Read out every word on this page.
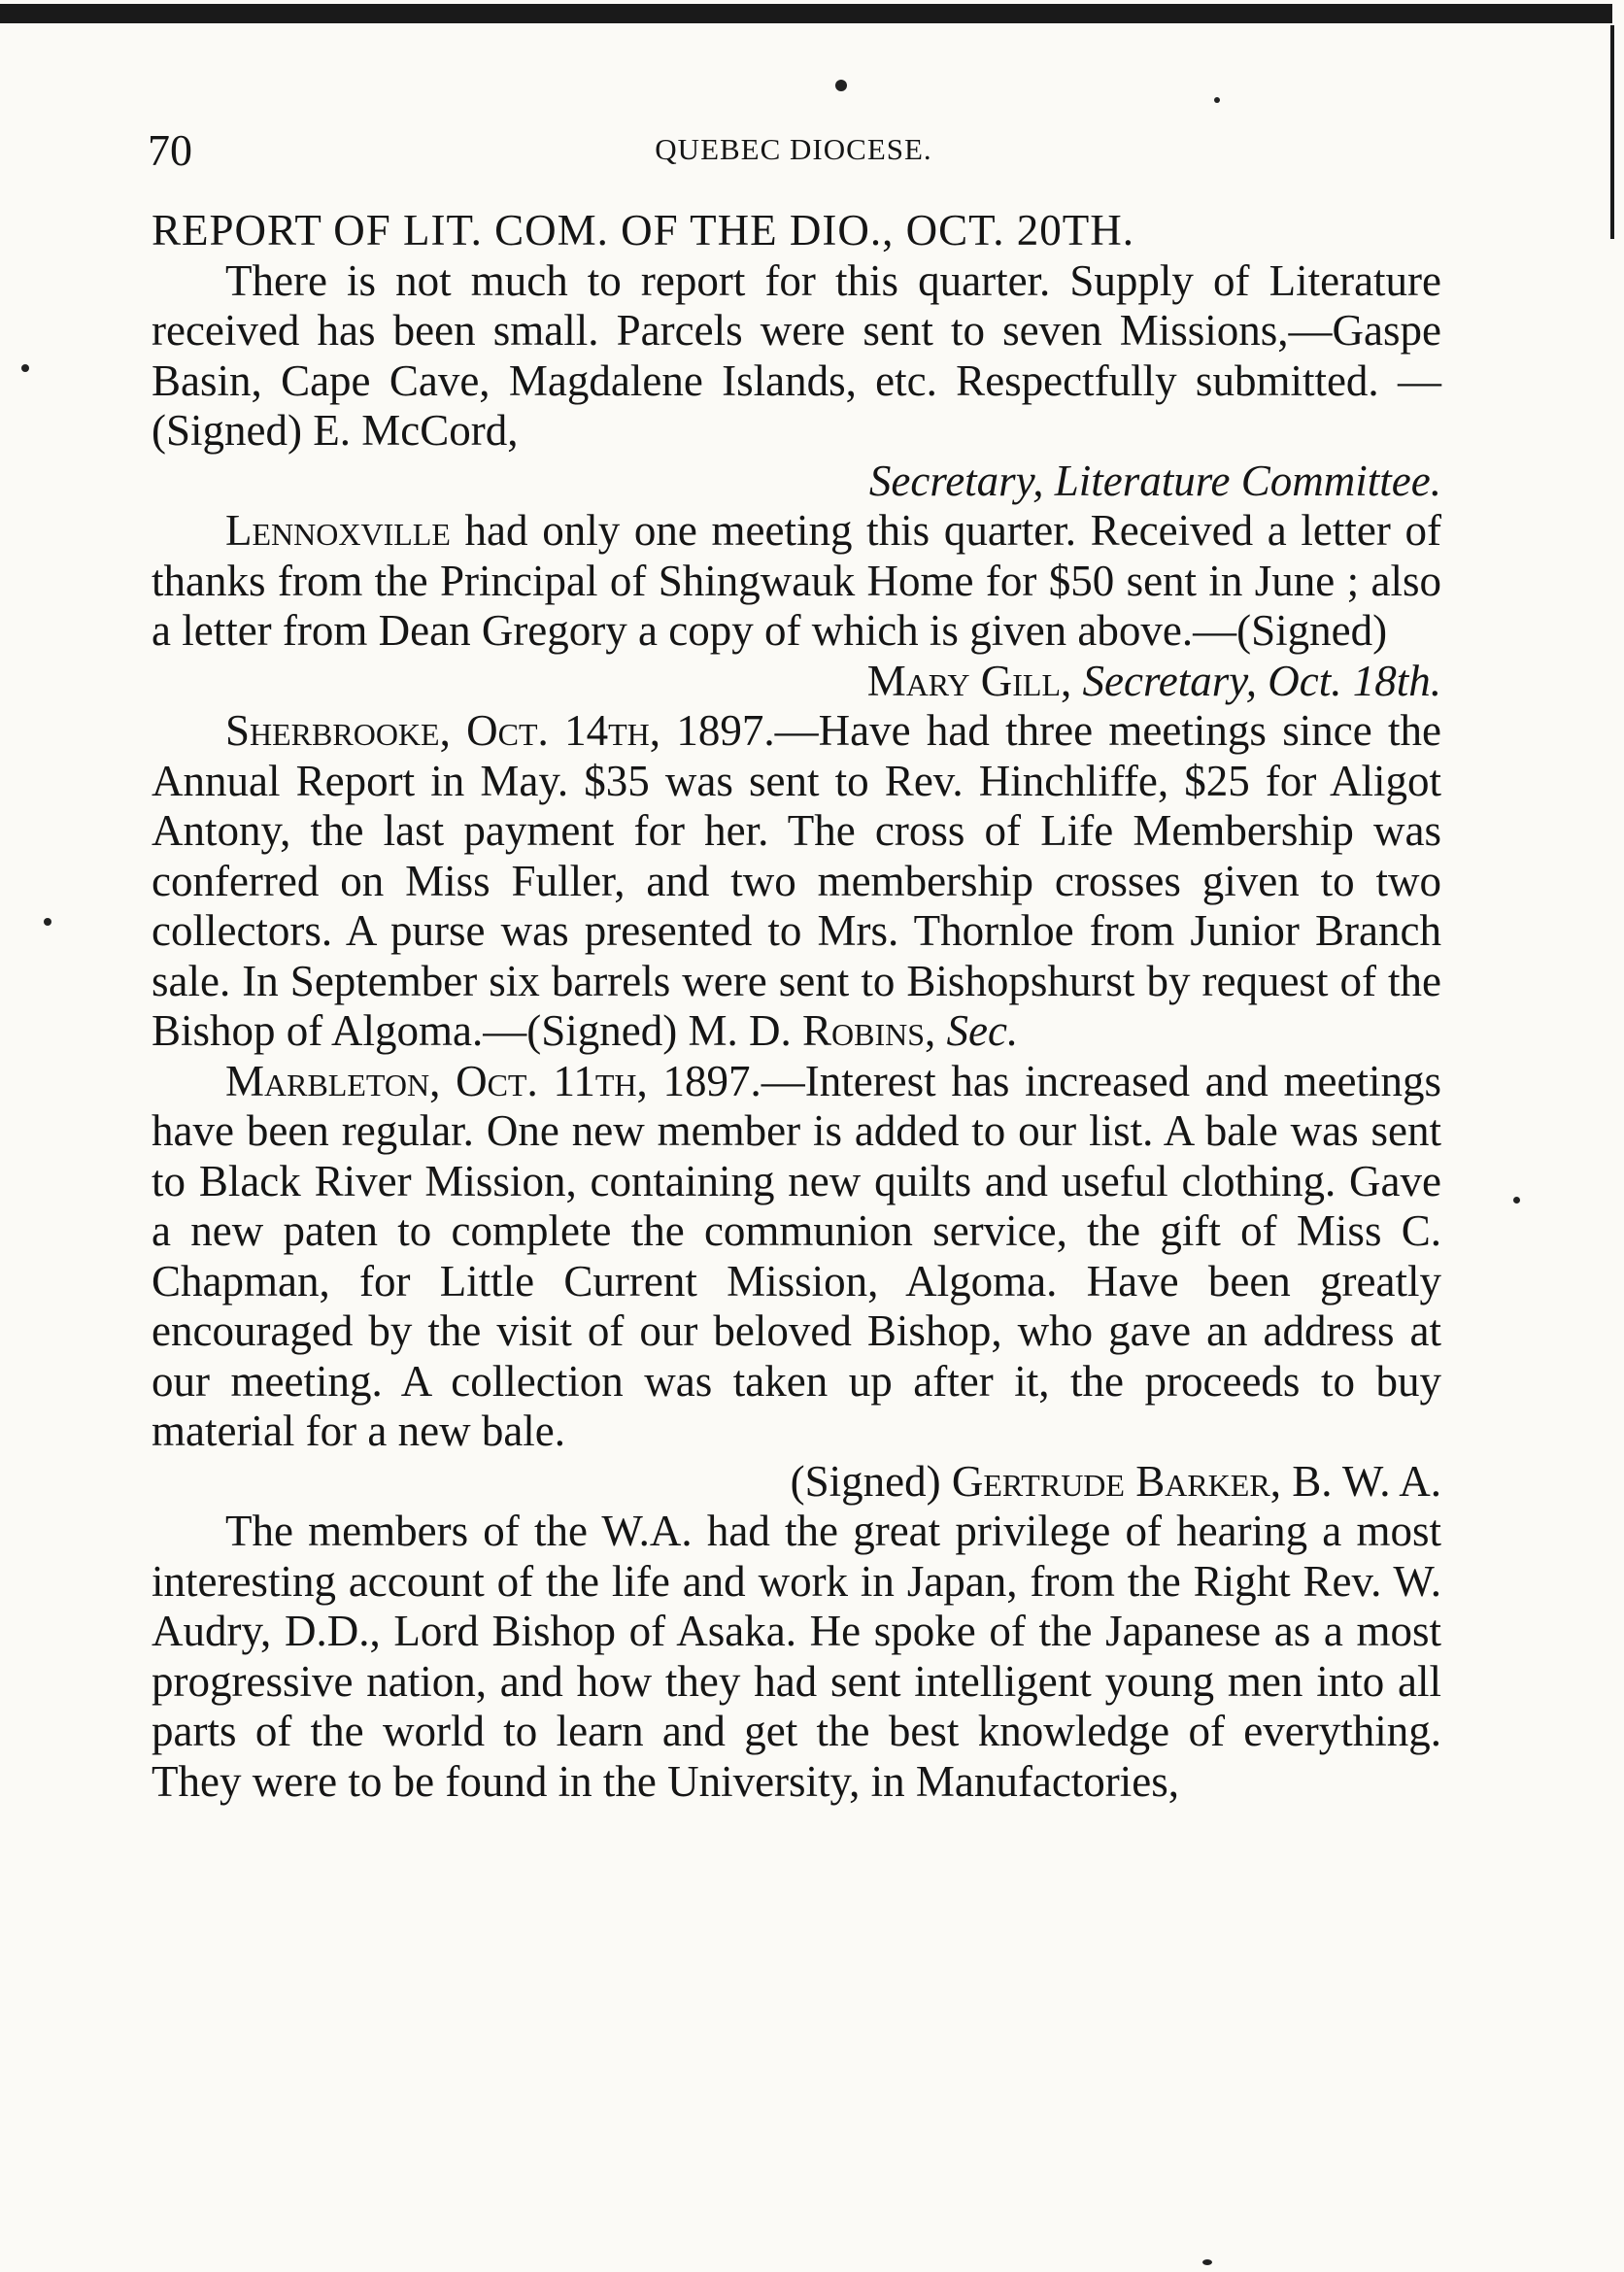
70	QUEBEC DIOCESE.

REPORT OF LIT. COM. OF THE DIO., OCT. 20TH.

There is not much to report for this quarter. Supply of Literature received has been small. Parcels were sent to seven Missions,—Gaspe Basin, Cape Cave, Magdalene Islands, etc. Respectfully submitted. —(Signed) E. McCord,

Secretary, Literature Committee.

Lennoxville had only one meeting this quarter. Received a letter of thanks from the Principal of Shingwauk Home for $50 sent in June ; also a letter from Dean Gregory a copy of which is given above.—(Signed)

Mary Gill, Secretary, Oct. 18th.

Sherbrooke, Oct. 14th, 1897.—Have had three meetings since the Annual Report in May. $35 was sent to Rev. Hinchliffe, $25 for Aligot Antony, the last payment for her. The cross of Life Membership was conferred on Miss Fuller, and two membership crosses given to two collectors. A purse was presented to Mrs. Thornloe from Junior Branch sale. In September six barrels were sent to Bishopshurst by request of the Bishop of Algoma.—(Signed) M. D. Robins, Sec.

Marbleton, Oct. 11th, 1897.—Interest has increased and meetings have been regular. One new member is added to our list. A bale was sent to Black River Mission, containing new quilts and useful clothing. Gave a new paten to complete the communion service, the gift of Miss C. Chapman, for Little Current Mission, Algoma. Have been greatly encouraged by the visit of our beloved Bishop, who gave an address at our meeting. A collection was taken up after it, the proceeds to buy material for a new bale.

(Signed) Gertrude Barker, B. W. A.

The members of the W.A. had the great privilege of hearing a most interesting account of the life and work in Japan, from the Right Rev. W. Audry, D.D., Lord Bishop of Asaka. He spoke of the Japanese as a most progressive nation, and how they had sent intelligent young men into all parts of the world to learn and get the best knowledge of everything. They were to be found in the University, in Manufactories,
